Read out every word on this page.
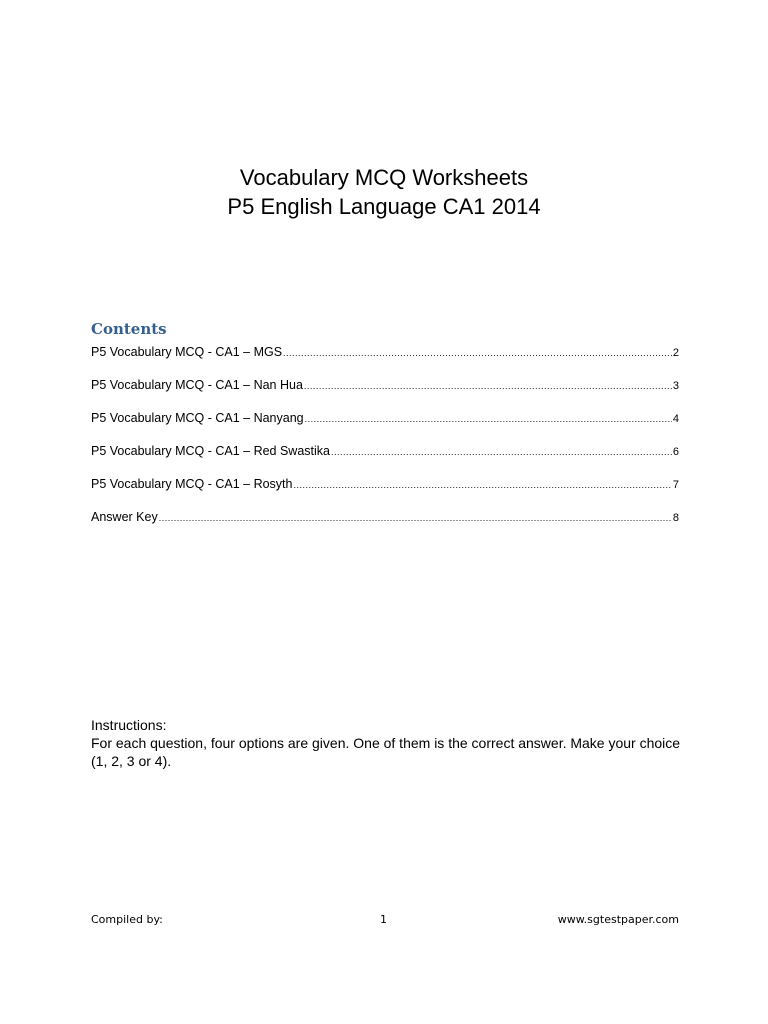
Vocabulary MCQ Worksheets
P5 English Language CA1 2014
Contents
P5 Vocabulary MCQ - CA1 – MGS .....	2
P5 Vocabulary MCQ - CA1 – Nan Hua .....	3
P5 Vocabulary MCQ - CA1 – Nanyang .....	4
P5 Vocabulary MCQ - CA1 – Red Swastika .....	6
P5 Vocabulary MCQ - CA1 – Rosyth .....	7
Answer Key .....	8
Instructions:
For each question, four options are given. One of them is the correct answer. Make your choice (1, 2, 3 or 4).
Compiled by:	1	www.sgtestpaper.com
